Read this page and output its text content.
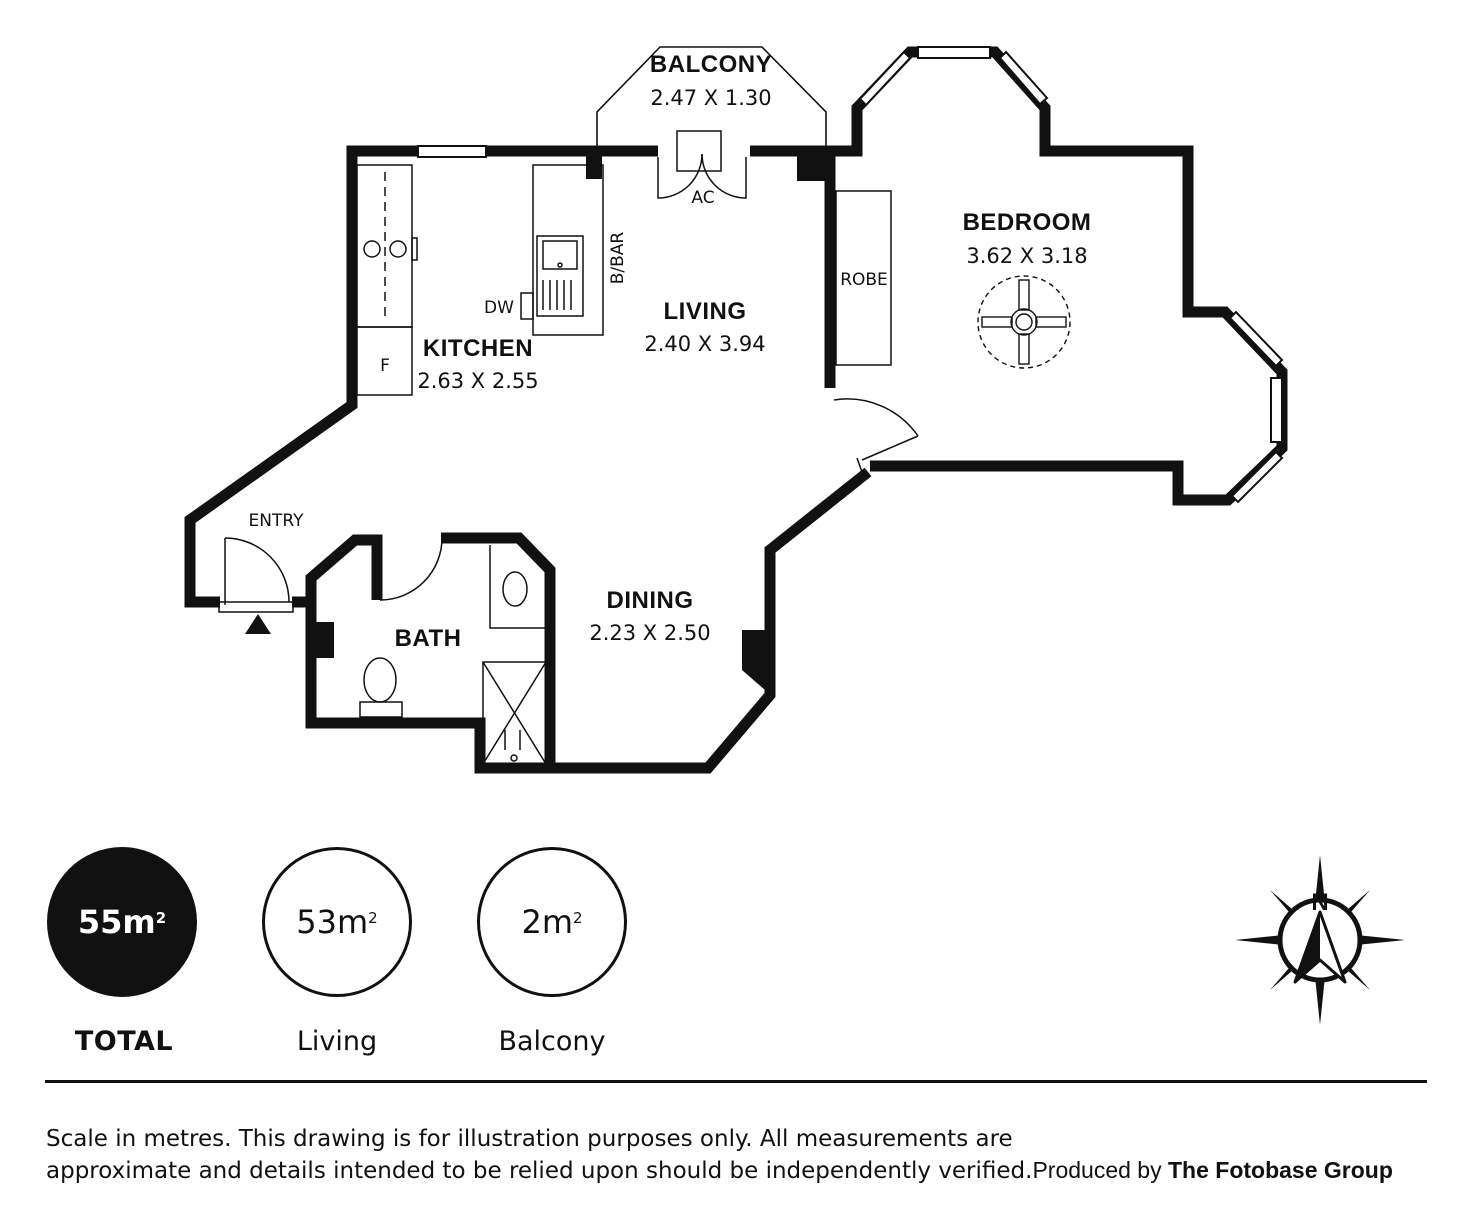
BALCONY
2.47 X 1.30
BEDROOM
3.62 X 3.18
LIVING
2.40 X 3.94
KITCHEN
2.63 X 2.55
DINING
2.23 X 2.50
BATH
AC
B/BAR
DW
ROBE
F
ENTRY
$55m^2$
TOTAL
$53m^2$
Living
$2m^2$
Balcony
N
Scale in metres. This drawing is for illustration purposes only. All measurements are
approximate and details intended to be relied upon should be independently verified.Produced by The Fotobase Group
